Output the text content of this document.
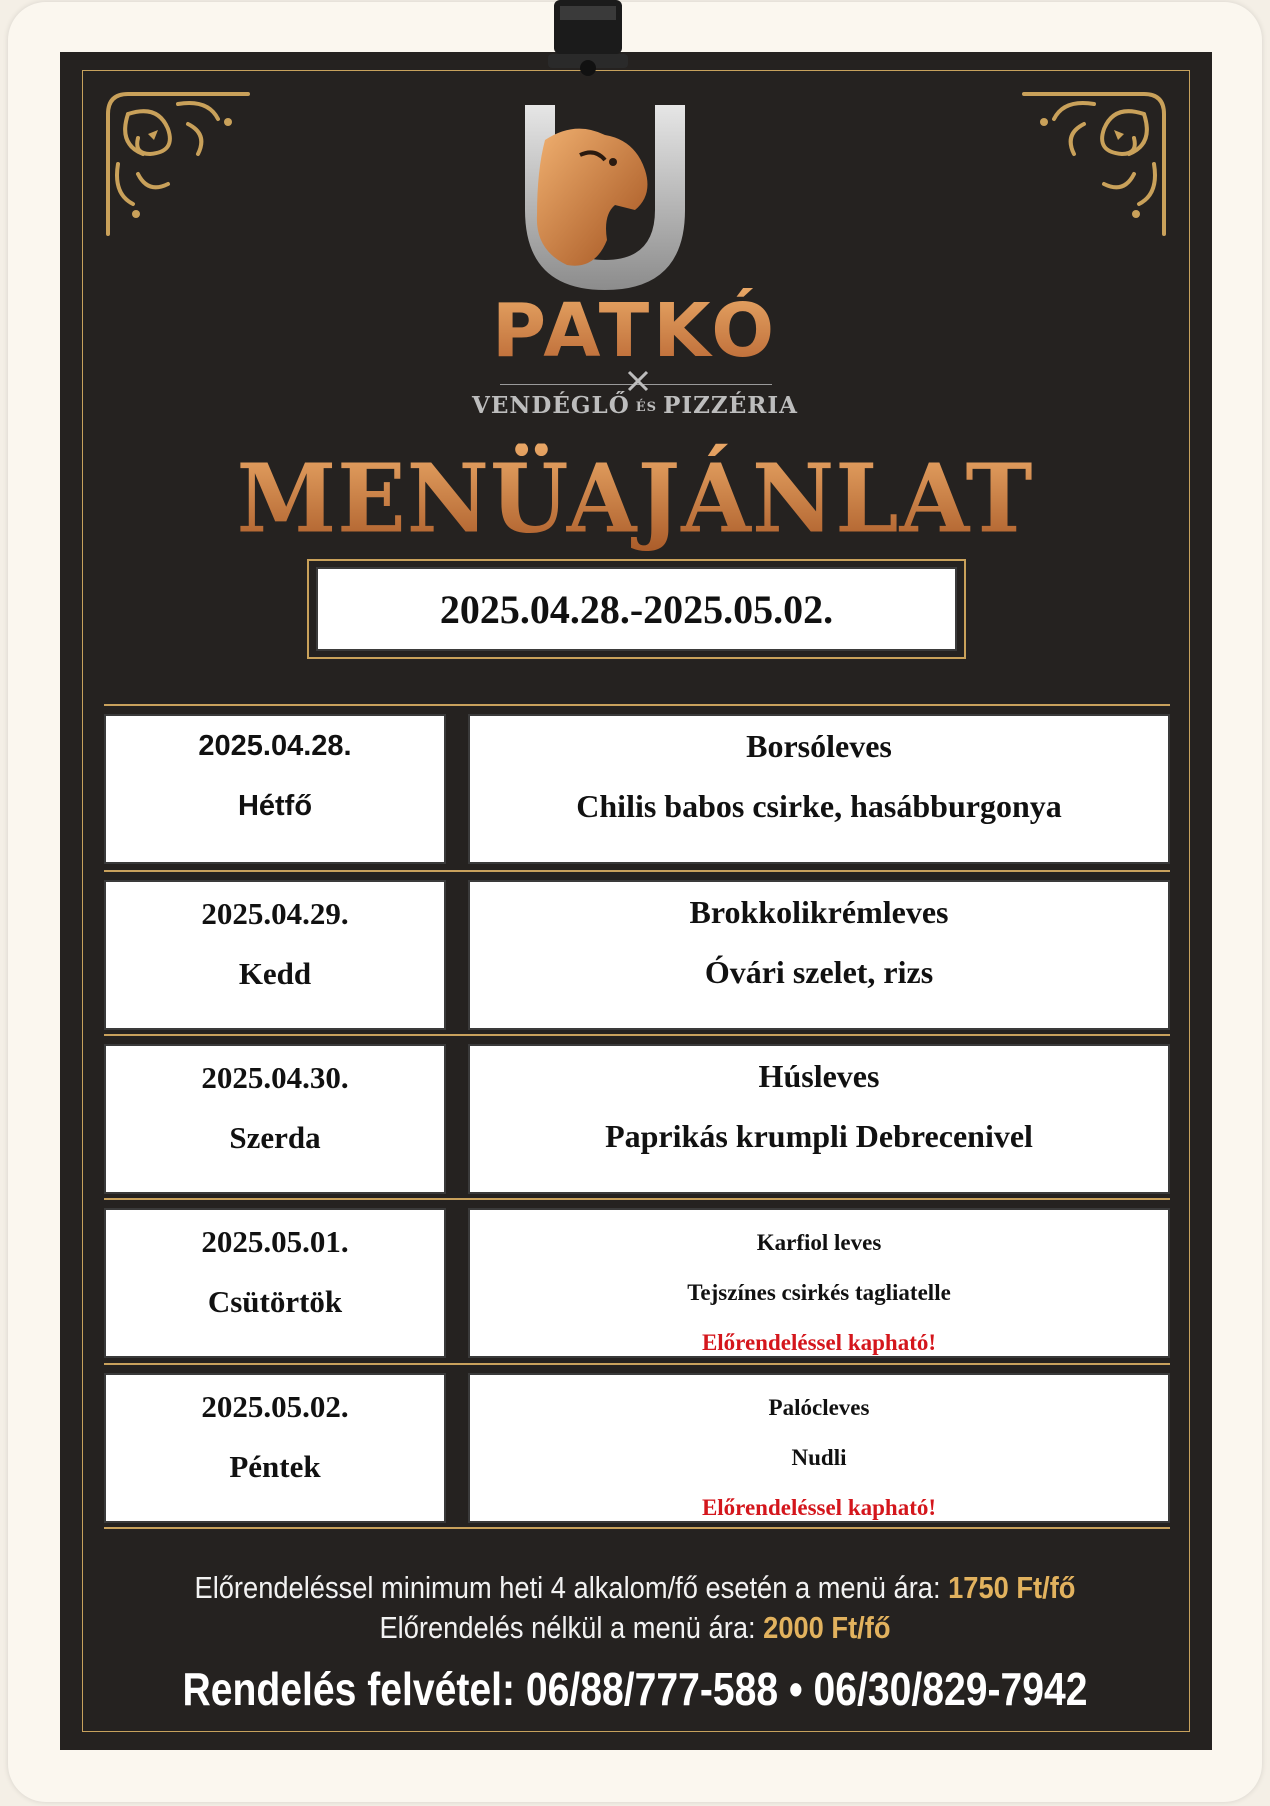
PATKÓ
VENDÉGLŐ ÉS PIZZÉRIA
MENÜAJÁNLAT
2025.04.28.-2025.05.02.
2025.04.28.
Hétfő
Borsóleves
Chilis babos csirke, hasábburgonya
2025.04.29.
Kedd
Brokkolikrémleves
Óvári szelet, rizs
2025.04.30.
Szerda
Húsleves
Paprikás krumpli Debrecenivel
2025.05.01.
Csütörtök
Karfiol leves
Tejszínes csirkés tagliatelle
Előrendeléssel kapható!
2025.05.02.
Péntek
Palócleves
Nudli
Előrendeléssel kapható!
Előrendeléssel minimum heti 4 alkalom/fő esetén a menü ára: 1750 Ft/fő
Előrendelés nélkül a menü ára: 2000 Ft/fő
Rendelés felvétel: 06/88/777-588 • 06/30/829-7942
